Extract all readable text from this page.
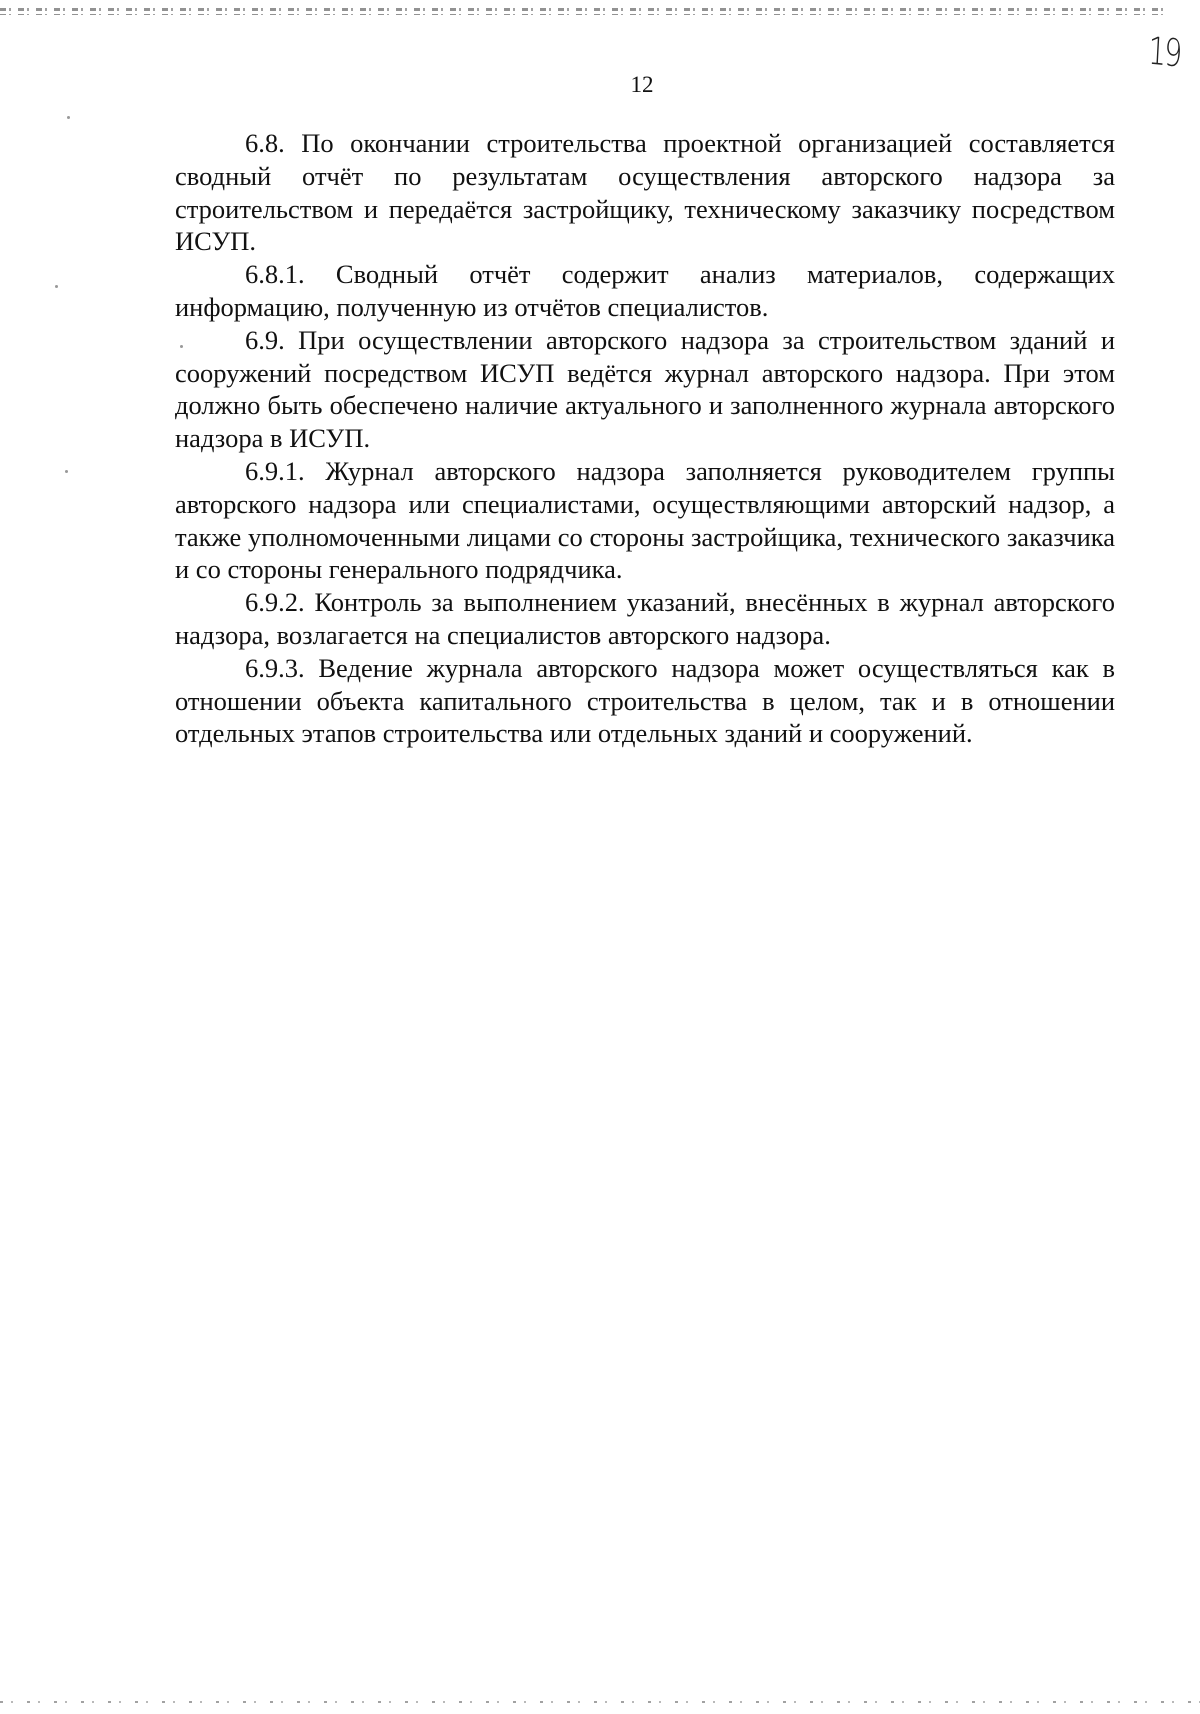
12
19

6.8. По окончании строительства проектной организацией составляется сводный отчёт по результатам осуществления авторского надзора за строительством и передаётся застройщику, техническому заказчику посредством ИСУП.

6.8.1. Сводный отчёт содержит анализ материалов, содержащих информацию, полученную из отчётов специалистов.

6.9. При осуществлении авторского надзора за строительством зданий и сооружений посредством ИСУП ведётся журнал авторского надзора. При этом должно быть обеспечено наличие актуального и заполненного журнала авторского надзора в ИСУП.

6.9.1. Журнал авторского надзора заполняется руководителем группы авторского надзора или специалистами, осуществляющими авторский надзор, а также уполномоченными лицами со стороны застройщика, технического заказчика и со стороны генерального подрядчика.

6.9.2. Контроль за выполнением указаний, внесённых в журнал авторского надзора, возлагается на специалистов авторского надзора.

6.9.3. Ведение журнала авторского надзора может осуществляться как в отношении объекта капитального строительства в целом, так и в отношении отдельных этапов строительства или отдельных зданий и сооружений.
